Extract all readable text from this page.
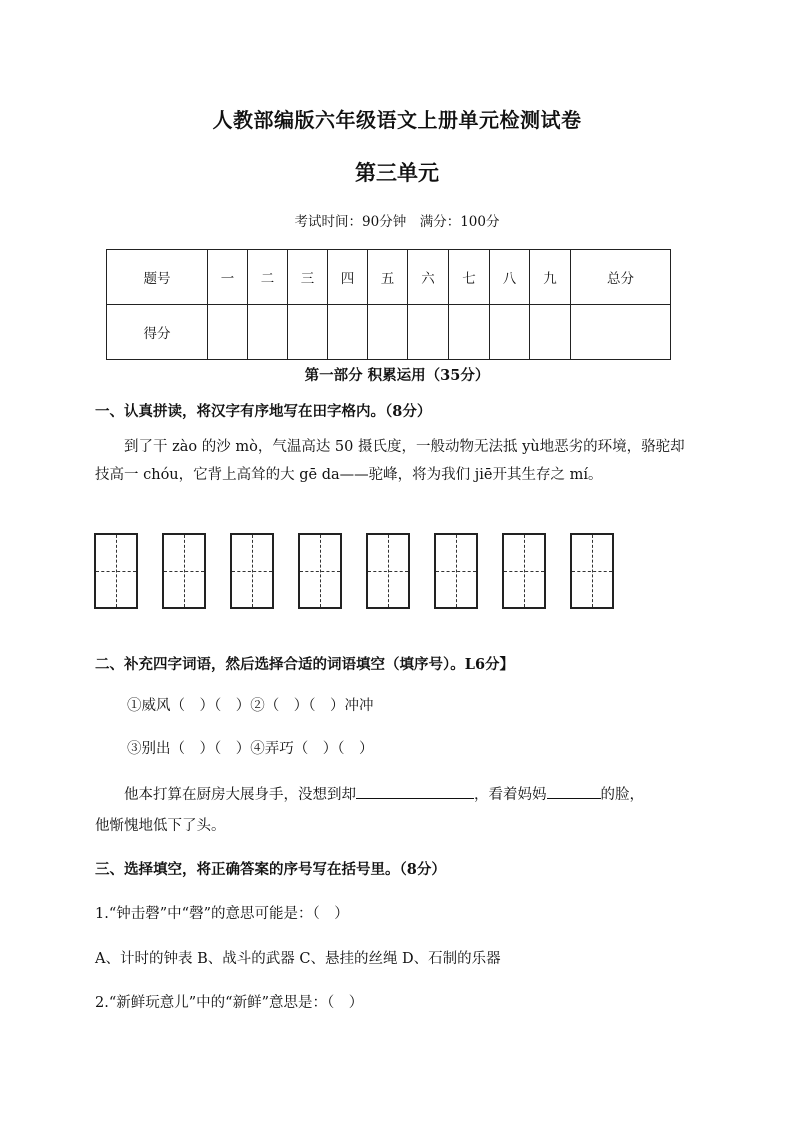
人教部编版六年级语文上册单元检测试卷
第三单元
考试时间：90分钟　满分：100分
题号	一	二	三	四	五	六	七	八	九	总分
得分										
第一部分 积累运用（35分）
一、认真拼读，将汉字有序地写在田字格内。（8分）
到了干 zào 的沙 mò，气温高达 50 摄氏度，一般动物无法抵 yù地恶劣的环境，骆驼却技高一 chóu，它背上高耸的大 gē da——驼峰，将为我们 jiē开其生存之 mí。
二、补充四字词语，然后选择合适的词语填空（填序号）。L6分】
①威风（　）（　）②（　）（　）冲冲
③别出（　）（　）④弄巧（　）（　）
他本打算在厨房大展身手，没想到却	，看着妈妈	的脸，
他惭愧地低下了头。
三、选择填空，将正确答案的序号写在括号里。（8分）
1.“钟击磬”中“磬”的意思可能是：（　）
A、计时的钟表 B、战斗的武器 C、悬挂的丝绳 D、石制的乐器
2.“新鲜玩意儿”中的“新鲜”意思是：（　）
